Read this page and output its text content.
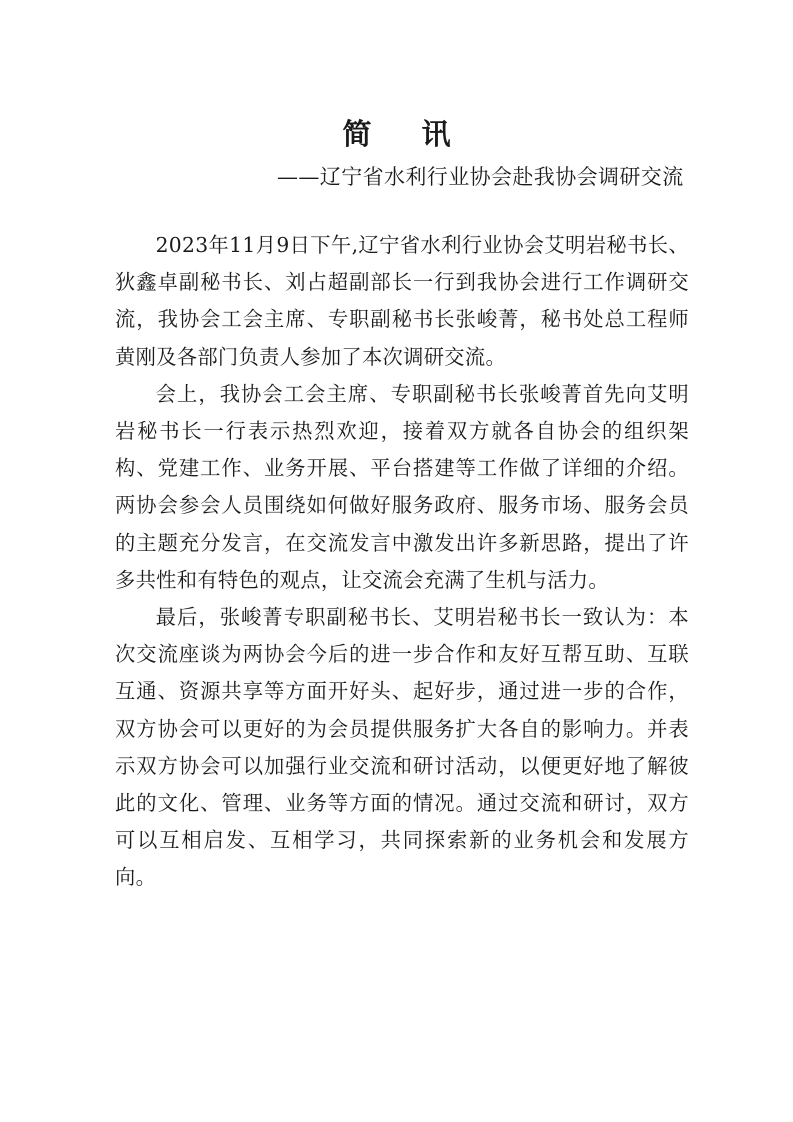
简 讯
——辽宁省水利行业协会赴我协会调研交流

2023年11月9日下午,辽宁省水利行业协会艾明岩秘书长、狄鑫卓副秘书长、刘占超副部长一行到我协会进行工作调研交流，我协会工会主席、专职副秘书长张峻菁，秘书处总工程师黄刚及各部门负责人参加了本次调研交流。

会上，我协会工会主席、专职副秘书长张峻菁首先向艾明岩秘书长一行表示热烈欢迎，接着双方就各自协会的组织架构、党建工作、业务开展、平台搭建等工作做了详细的介绍。两协会参会人员围绕如何做好服务政府、服务市场、服务会员的主题充分发言，在交流发言中激发出许多新思路，提出了许多共性和有特色的观点，让交流会充满了生机与活力。

最后，张峻菁专职副秘书长、艾明岩秘书长一致认为：本次交流座谈为两协会今后的进一步合作和友好互帮互助、互联互通、资源共享等方面开好头、起好步，通过进一步的合作，双方协会可以更好的为会员提供服务扩大各自的影响力。并表示双方协会可以加强行业交流和研讨活动，以便更好地了解彼此的文化、管理、业务等方面的情况。通过交流和研讨，双方可以互相启发、互相学习，共同探索新的业务机会和发展方向。
